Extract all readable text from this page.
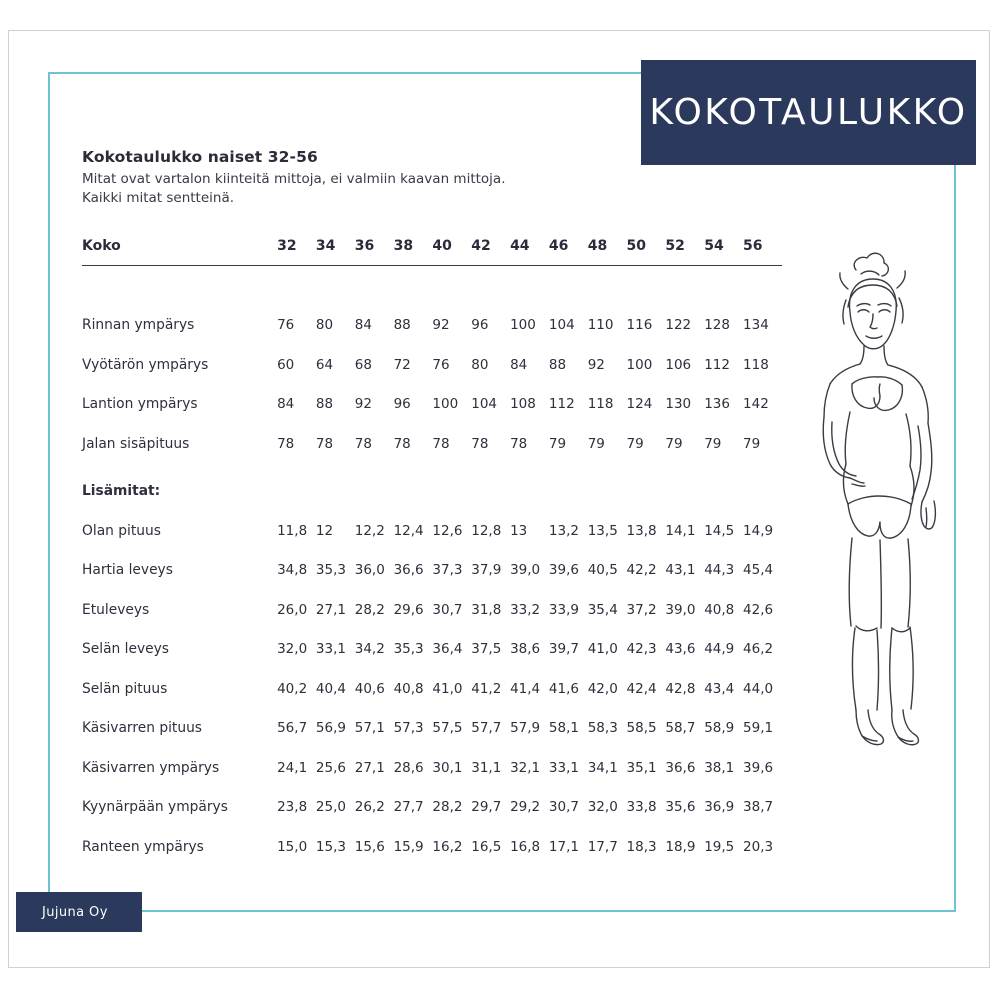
KOKOTAULUKKO
Jujuna Oy
Kokotaulukko naiset 32-56

Mitat ovat vartalon kiinteitä mittoja, ei valmiin kaavan mittoja.

Kaikki mitat sentteinä.

Koko	32	34	36	38	40	42	44	46	48	50	52	54	56

Rinnan ympärys	76	80	84	88	92	96	100	104	110	116	122	128	134
Vyötärön ympärys	60	64	68	72	76	80	84	88	92	100	106	112	118
Lantion ympärys	84	88	92	96	100	104	108	112	118	124	130	136	142
Jalan sisäpituus	78	78	78	78	78	78	78	79	79	79	79	79	79
Lisämitat:													
Olan pituus	11,8	12	12,2	12,4	12,6	12,8	13	13,2	13,5	13,8	14,1	14,5	14,9
Hartia leveys	34,8	35,3	36,0	36,6	37,3	37,9	39,0	39,6	40,5	42,2	43,1	44,3	45,4
Etuleveys	26,0	27,1	28,2	29,6	30,7	31,8	33,2	33,9	35,4	37,2	39,0	40,8	42,6
Selän leveys	32,0	33,1	34,2	35,3	36,4	37,5	38,6	39,7	41,0	42,3	43,6	44,9	46,2
Selän pituus	40,2	40,4	40,6	40,8	41,0	41,2	41,4	41,6	42,0	42,4	42,8	43,4	44,0
Käsivarren pituus	56,7	56,9	57,1	57,3	57,5	57,7	57,9	58,1	58,3	58,5	58,7	58,9	59,1
Käsivarren ympärys	24,1	25,6	27,1	28,6	30,1	31,1	32,1	33,1	34,1	35,1	36,6	38,1	39,6
Kyynärpään ympärys	23,8	25,0	26,2	27,7	28,2	29,7	29,2	30,7	32,0	33,8	35,6	36,9	38,7
Ranteen ympärys	15,0	15,3	15,6	15,9	16,2	16,5	16,8	17,1	17,7	18,3	18,9	19,5	20,3
